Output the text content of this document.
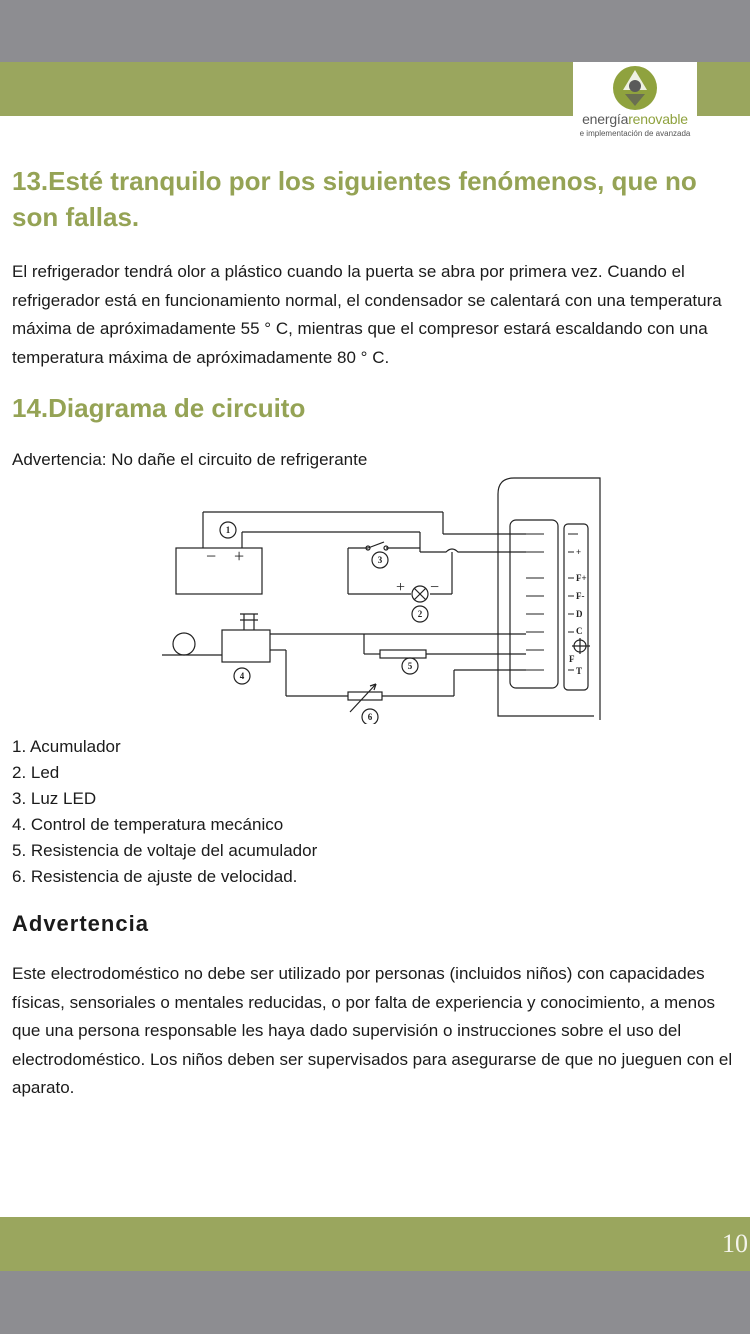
energíarenovable
e implementación de avanzada
13.Esté tranquilo por los siguientes fenómenos, que no son fallas.

El refrigerador tendrá olor a plástico cuando la puerta se abra por primera vez. Cuando el refrigerador está en funcionamiento normal, el condensador se calentará con una temperatura máxima de apróximadamente 55 ° C, mientras que el compresor estará escaldando con una temperatura máxima de apróximadamente 80 ° C.

14.Diagrama de circuito

Advertencia: No dañe el circuito de refrigerante

+
F+
F-
D
C
F
T
− +
+ −
1
3
2
4
5
6
1. Acumulador
2. Led
3. Luz LED
4. Control de temperatura mecánico
5. Resistencia de voltaje del acumulador
6. Resistencia de ajuste de velocidad.
Advertencia

Este electrodoméstico no debe ser utilizado por personas (incluidos niños) con capacidades físicas, sensoriales o mentales reducidas, o por falta de experiencia y conocimiento, a menos que una persona responsable les haya dado supervisión o instrucciones sobre el uso del electrodoméstico. Los niños deben ser supervisados para asegurarse de que no jueguen con el aparato.

10
